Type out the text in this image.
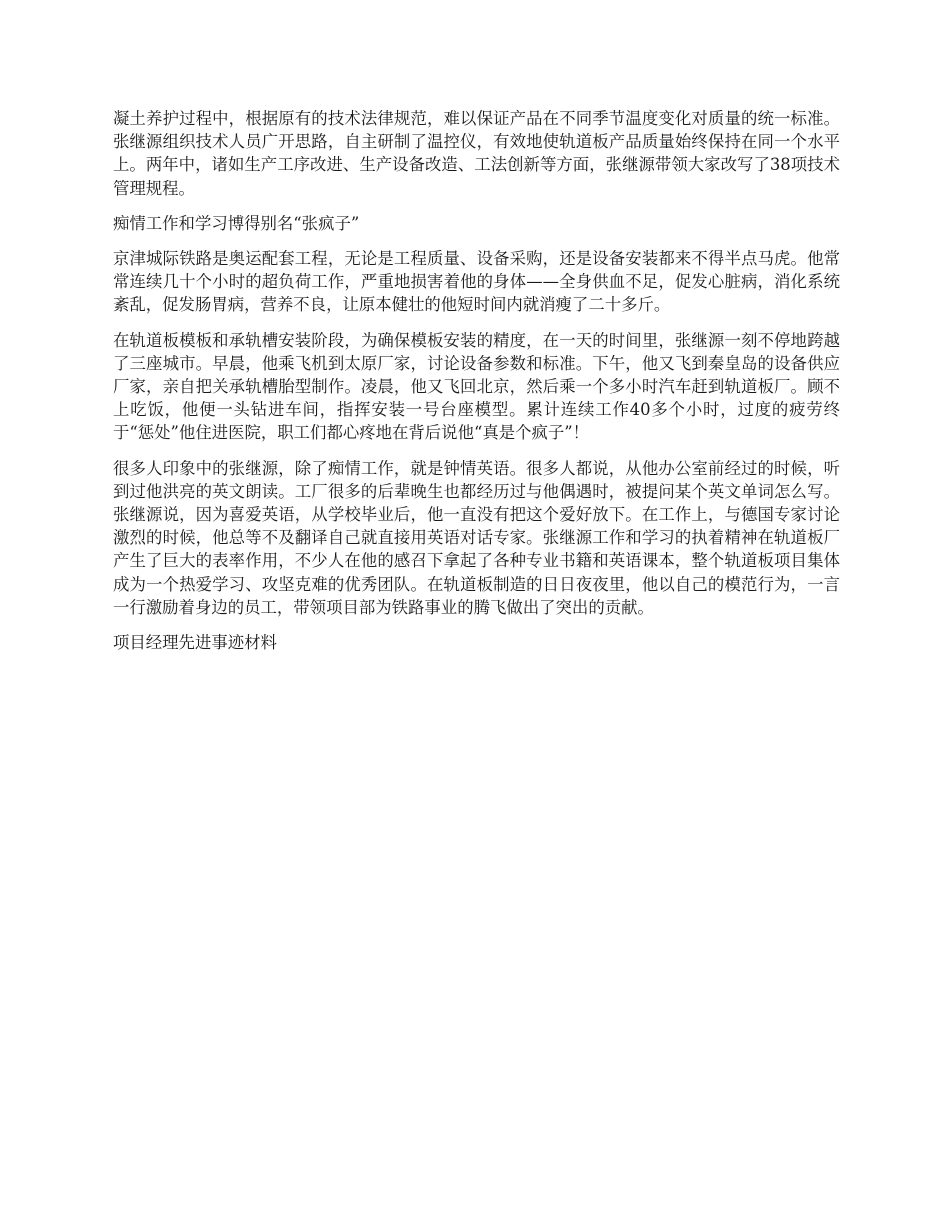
凝土养护过程中，根据原有的技术法律规范，难以保证产品在不同季节温度变化对质量的统一标准。张继源组织技术人员广开思路，自主研制了温控仪，有效地使轨道板产品质量始终保持在同一个水平上。两年中，诸如生产工序改进、生产设备改造、工法创新等方面，张继源带领大家改写了38项技术管理规程。

痴情工作和学习博得别名“张疯子”

京津城际铁路是奥运配套工程，无论是工程质量、设备采购，还是设备安装都来不得半点马虎。他常常连续几十个小时的超负荷工作，严重地损害着他的身体——全身供血不足，促发心脏病，消化系统紊乱，促发肠胃病，营养不良，让原本健壮的他短时间内就消瘦了二十多斤。

在轨道板模板和承轨槽安装阶段，为确保模板安装的精度，在一天的时间里，张继源一刻不停地跨越了三座城市。早晨，他乘飞机到太原厂家，讨论设备参数和标准。下午，他又飞到秦皇岛的设备供应厂家，亲自把关承轨槽胎型制作。凌晨，他又飞回北京，然后乘一个多小时汽车赶到轨道板厂。顾不上吃饭，他便一头钻进车间，指挥安装一号台座模型。累计连续工作40多个小时，过度的疲劳终于“惩处”他住进医院，职工们都心疼地在背后说他“真是个疯子”！

很多人印象中的张继源，除了痴情工作，就是钟情英语。很多人都说，从他办公室前经过的时候，听到过他洪亮的英文朗读。工厂很多的后辈晚生也都经历过与他偶遇时，被提问某个英文单词怎么写。张继源说，因为喜爱英语，从学校毕业后，他一直没有把这个爱好放下。在工作上，与德国专家讨论激烈的时候，他总等不及翻译自己就直接用英语对话专家。张继源工作和学习的执着精神在轨道板厂产生了巨大的表率作用，不少人在他的感召下拿起了各种专业书籍和英语课本，整个轨道板项目集体成为一个热爱学习、攻坚克难的优秀团队。在轨道板制造的日日夜夜里，他以自己的模范行为，一言一行激励着身边的员工，带领项目部为铁路事业的腾飞做出了突出的贡献。

项目经理先进事迹材料
